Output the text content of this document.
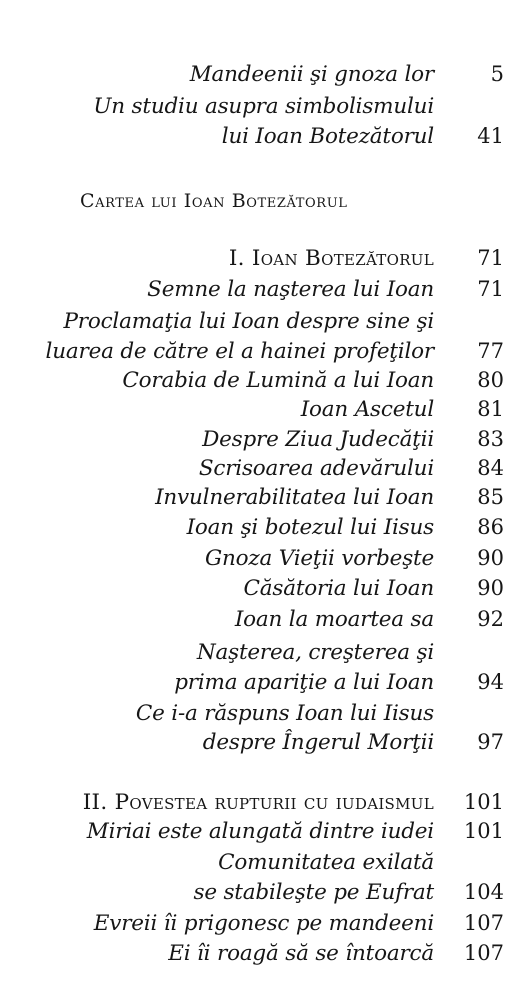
Mandeenii şi gnoza lor	5
Un studiu asupra simbolismului
lui Ioan Botezătorul 41
Cartea lui Ioan Botezătorul
I. Ioan Botezătorul 71
Semne la naşterea lui Ioan 71
Proclamaţia lui Ioan despre sine şi
luarea de către el a hainei profeţilor 77
Corabia de Lumină a lui Ioan 80
Ioan Ascetul 81
Despre Ziua Judecăţii 83
Scrisoarea adevărului 84
Invulnerabilitatea lui Ioan 85
Ioan şi botezul lui Iisus 86
Gnoza Vieţii vorbeşte 90
Căsătoria lui Ioan 90
Ioan la moartea sa 92
Naşterea, creşterea şi
prima apariţie a lui Ioan 94
Ce i-a răspuns Ioan lui Iisus
despre Îngerul Morţii 97
II. Povestea rupturii cu iudaismul 101
Miriai este alungată dintre iudei 101
Comunitatea exilată
se stabileşte pe Eufrat 104
Evreii îi prigonesc pe mandeeni 107
Ei îi roagă să se întoarcă 107
